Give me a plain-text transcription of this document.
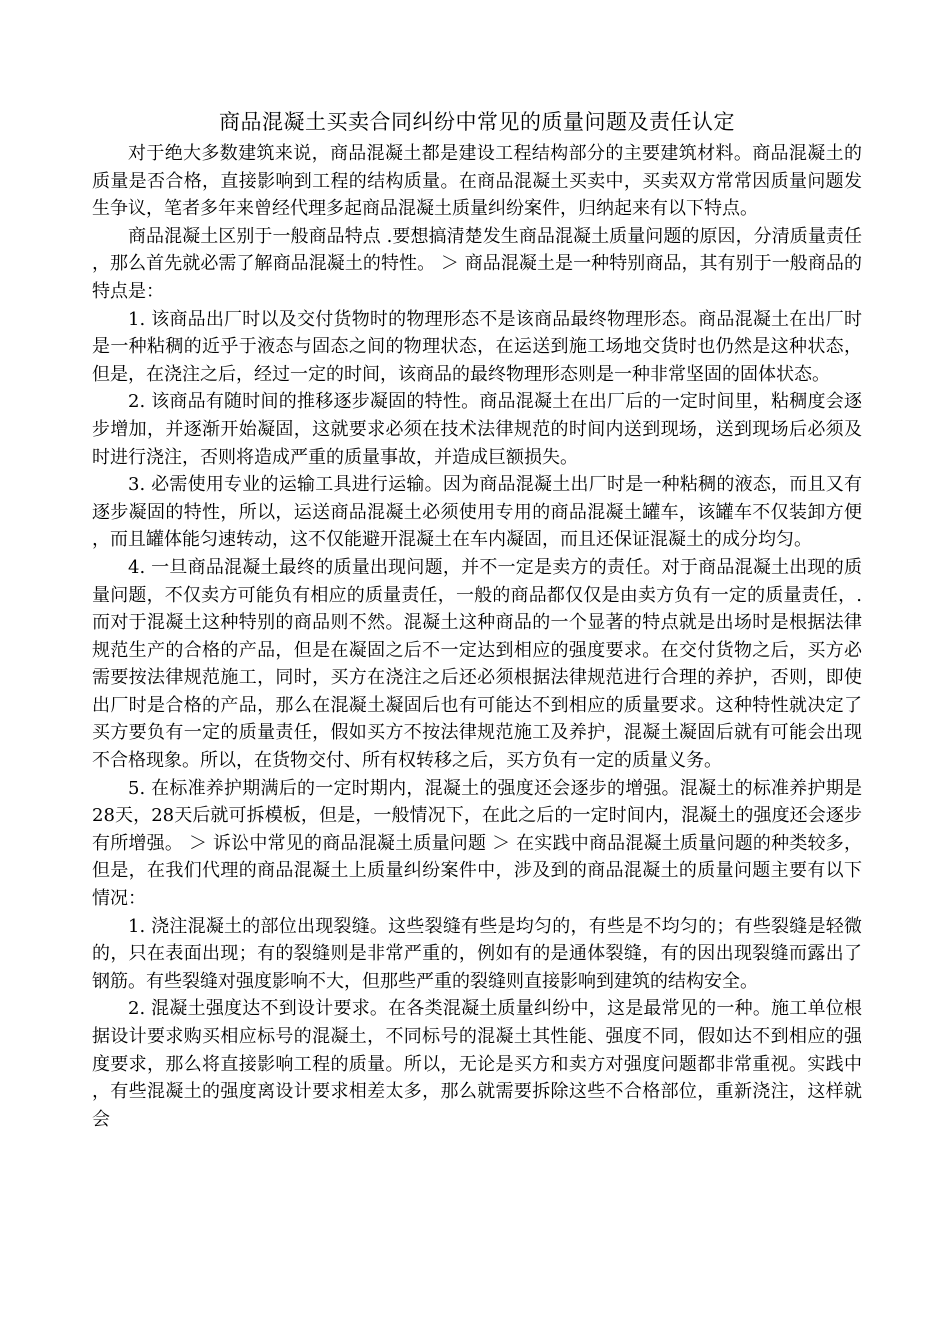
商品混凝土买卖合同纠纷中常见的质量问题及责任认定

对于绝大多数建筑来说，商品混凝土都是建设工程结构部分的主要建筑材料。商品混凝土的质量是否合格，直接影响到工程的结构质量。在商品混凝土买卖中，买卖双方常常因质量问题发生争议，笔者多年来曾经代理多起商品混凝土质量纠纷案件，归纳起来有以下特点。

商品混凝土区别于一般商品特点 .要想搞清楚发生商品混凝土质量问题的原因，分清质量责任，那么首先就必需了解商品混凝土的特性。 ＞ 商品混凝土是一种特别商品，其有别于一般商品的特点是：

1. 该商品出厂时以及交付货物时的物理形态不是该商品最终物理形态。商品混凝土在出厂时是一种粘稠的近乎于液态与固态之间的物理状态，在运送到施工场地交货时也仍然是这种状态，但是，在浇注之后，经过一定的时间，该商品的最终物理形态则是一种非常坚固的固体状态。

2. 该商品有随时间的推移逐步凝固的特性。商品混凝土在出厂后的一定时间里，粘稠度会逐步增加，并逐渐开始凝固，这就要求必须在技术法律规范的时间内送到现场，送到现场后必须及时进行浇注，否则将造成严重的质量事故，并造成巨额损失。

3. 必需使用专业的运输工具进行运输。因为商品混凝土出厂时是一种粘稠的液态，而且又有逐步凝固的特性，所以，运送商品混凝土必须使用专用的商品混凝土罐车，该罐车不仅装卸方便，而且罐体能匀速转动，这不仅能避开混凝土在车内凝固，而且还保证混凝土的成分均匀。

4. 一旦商品混凝土最终的质量出现问题，并不一定是卖方的责任。对于商品混凝土出现的质量问题，不仅卖方可能负有相应的质量责任，一般的商品都仅仅是由卖方负有一定的质量责任，.而对于混凝土这种特别的商品则不然。混凝土这种商品的一个显著的特点就是出场时是根据法律规范生产的合格的产品，但是在凝固之后不一定达到相应的强度要求。在交付货物之后，买方必需要按法律规范施工，同时，买方在浇注之后还必须根据法律规范进行合理的养护，否则，即使出厂时是合格的产品，那么在混凝土凝固后也有可能达不到相应的质量要求。这种特性就决定了买方要负有一定的质量责任，假如买方不按法律规范施工及养护，混凝土凝固后就有可能会出现不合格现象。所以，在货物交付、所有权转移之后，买方负有一定的质量义务。

5. 在标准养护期满后的一定时期内，混凝土的强度还会逐步的增强。混凝土的标准养护期是28天，28天后就可拆模板，但是，一般情况下，在此之后的一定时间内，混凝土的强度还会逐步有所增强。 ＞ 诉讼中常见的商品混凝土质量问题 ＞ 在实践中商品混凝土质量问题的种类较多，但是，在我们代理的商品混凝土上质量纠纷案件中，涉及到的商品混凝土的质量问题主要有以下情况：

1. 浇注混凝土的部位出现裂缝。这些裂缝有些是均匀的，有些是不均匀的；有些裂缝是轻微的，只在表面出现；有的裂缝则是非常严重的，例如有的是通体裂缝，有的因出现裂缝而露出了钢筋。有些裂缝对强度影响不大，但那些严重的裂缝则直接影响到建筑的结构安全。

2. 混凝土强度达不到设计要求。在各类混凝土质量纠纷中，这是最常见的一种。施工单位根据设计要求购买相应标号的混凝土，不同标号的混凝土其性能、强度不同，假如达不到相应的强度要求，那么将直接影响工程的质量。所以，无论是买方和卖方对强度问题都非常重视。实践中，有些混凝土的强度离设计要求相差太多，那么就需要拆除这些不合格部位，重新浇注，这样就会
